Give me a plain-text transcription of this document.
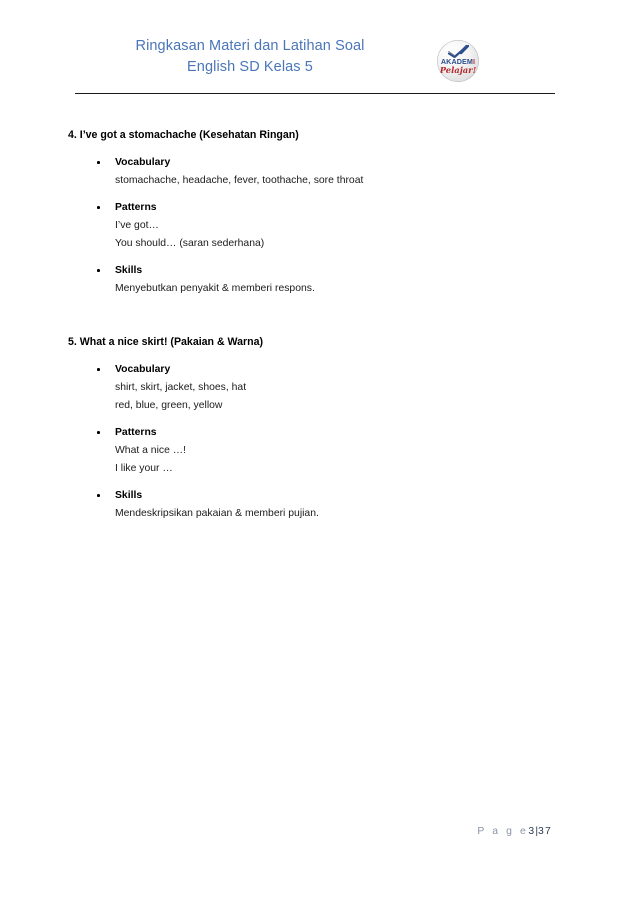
Ringkasan Materi dan Latihan Soal
English SD Kelas 5	AKADEMI
Pelajar!
4. I’ve got a stomachache (Kesehatan Ringan)
Vocabulary
stomachache, headache, fever, toothache, sore throat
Patterns
I’ve got…
You should… (saran sederhana)
Skills
Menyebutkan penyakit & memberi respons.
5. What a nice skirt! (Pakaian & Warna)
Vocabulary
shirt, skirt, jacket, shoes, hat
red, blue, green, yellow
Patterns
What a nice …!
I like your …
Skills
Mendeskripsikan pakaian & memberi pujian.
P a g e3|37
